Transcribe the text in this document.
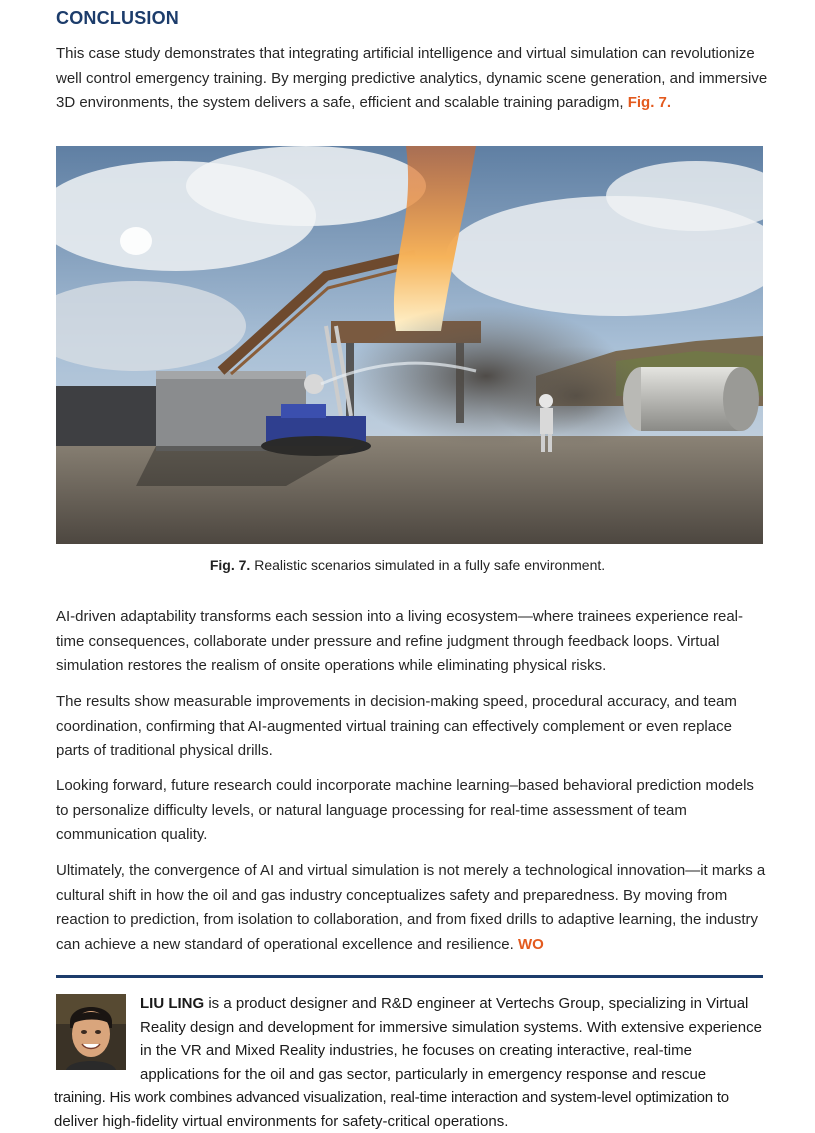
CONCLUSION

This case study demonstrates that integrating artificial intelligence and virtual simulation can revolutionize well control emergency training. By merging predictive analytics, dynamic scene generation, and immersive 3D environments, the system delivers a safe, efficient and scalable training paradigm, Fig. 7.

Fig. 7. Realistic scenarios simulated in a fully safe environment.

AI-driven adaptability transforms each session into a living ecosystem—where trainees experience real-time consequences, collaborate under pressure and refine judgment through feedback loops. Virtual simulation restores the realism of onsite operations while eliminating physical risks.

The results show measurable improvements in decision-making speed, procedural accuracy, and team coordination, confirming that AI-augmented virtual training can effectively complement or even replace parts of traditional physical drills.

Looking forward, future research could incorporate machine learning–based behavioral prediction models to personalize difficulty levels, or natural language processing for real-time assessment of team communication quality.

Ultimately, the convergence of AI and virtual simulation is not merely a technological innovation—it marks a cultural shift in how the oil and gas industry conceptualizes safety and preparedness. By moving from reaction to prediction, from isolation to collaboration, and from fixed drills to adaptive learning, the industry can achieve a new standard of operational excellence and resilience. WO

LIU LING is a product designer and R&D engineer at Vertechs Group, specializing in Virtual
Reality design and development for immersive simulation systems. With extensive experience
in the VR and Mixed Reality industries, he focuses on creating interactive, real-time
applications for the oil and gas sector, particularly in emergency response and rescue
training. His work combines advanced visualization, real-time interaction and system-level optimization to
deliver high-fidelity virtual environments for safety-critical operations.
